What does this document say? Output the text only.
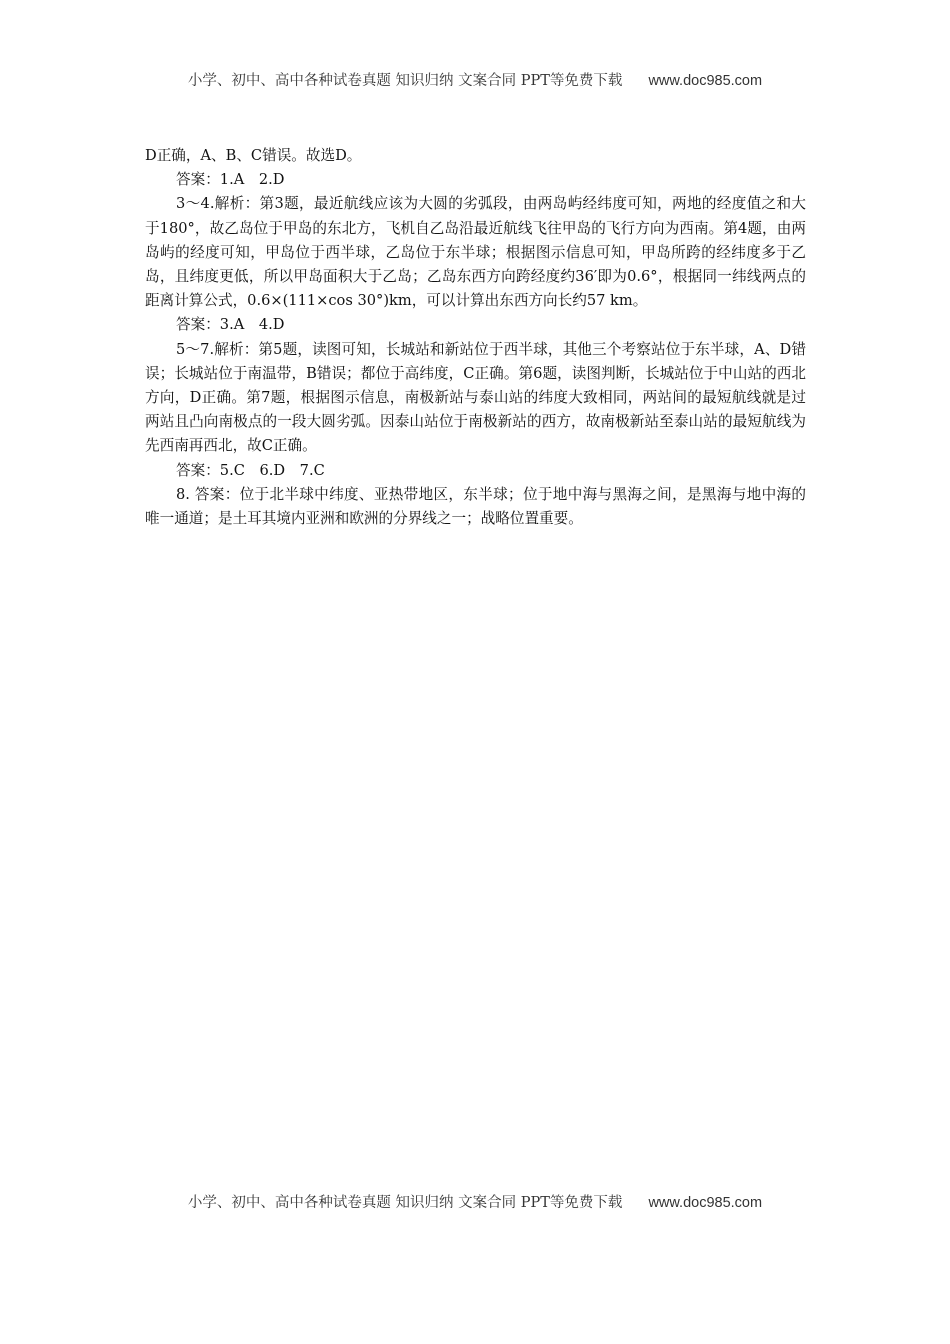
小学、初中、高中各种试卷真题 知识归纳 文案合同 PPT等免费下载 www.doc985.com

D正确，A、B、C错误。故选D。

答案：1.A　2.D

3～4.解析：第3题，最近航线应该为大圆的劣弧段，由两岛屿经纬度可知，两地的经度值之和大于180°，故乙岛位于甲岛的东北方，飞机自乙岛沿最近航线飞往甲岛的飞行方向为西南。第4题，由两岛屿的经度可知，甲岛位于西半球，乙岛位于东半球；根据图示信息可知，甲岛所跨的经纬度多于乙岛，且纬度更低，所以甲岛面积大于乙岛；乙岛东西方向跨经度约36′即为0.6°，根据同一纬线两点的距离计算公式，0.6×(111×cos 30°)km，可以计算出东西方向长约57 km。

答案：3.A　4.D

5～7.解析：第5题，读图可知，长城站和新站位于西半球，其他三个考察站位于东半球，A、D错误；长城站位于南温带，B错误；都位于高纬度，C正确。第6题，读图判断，长城站位于中山站的西北方向，D正确。第7题，根据图示信息，南极新站与泰山站的纬度大致相同，两站间的最短航线就是过两站且凸向南极点的一段大圆劣弧。因泰山站位于南极新站的西方，故南极新站至泰山站的最短航线为先西南再西北，故C正确。

答案：5.C　6.D　7.C

8. 答案：位于北半球中纬度、亚热带地区，东半球；位于地中海与黑海之间，是黑海与地中海的唯一通道；是土耳其境内亚洲和欧洲的分界线之一；战略位置重要。

小学、初中、高中各种试卷真题 知识归纳 文案合同 PPT等免费下载 www.doc985.com
